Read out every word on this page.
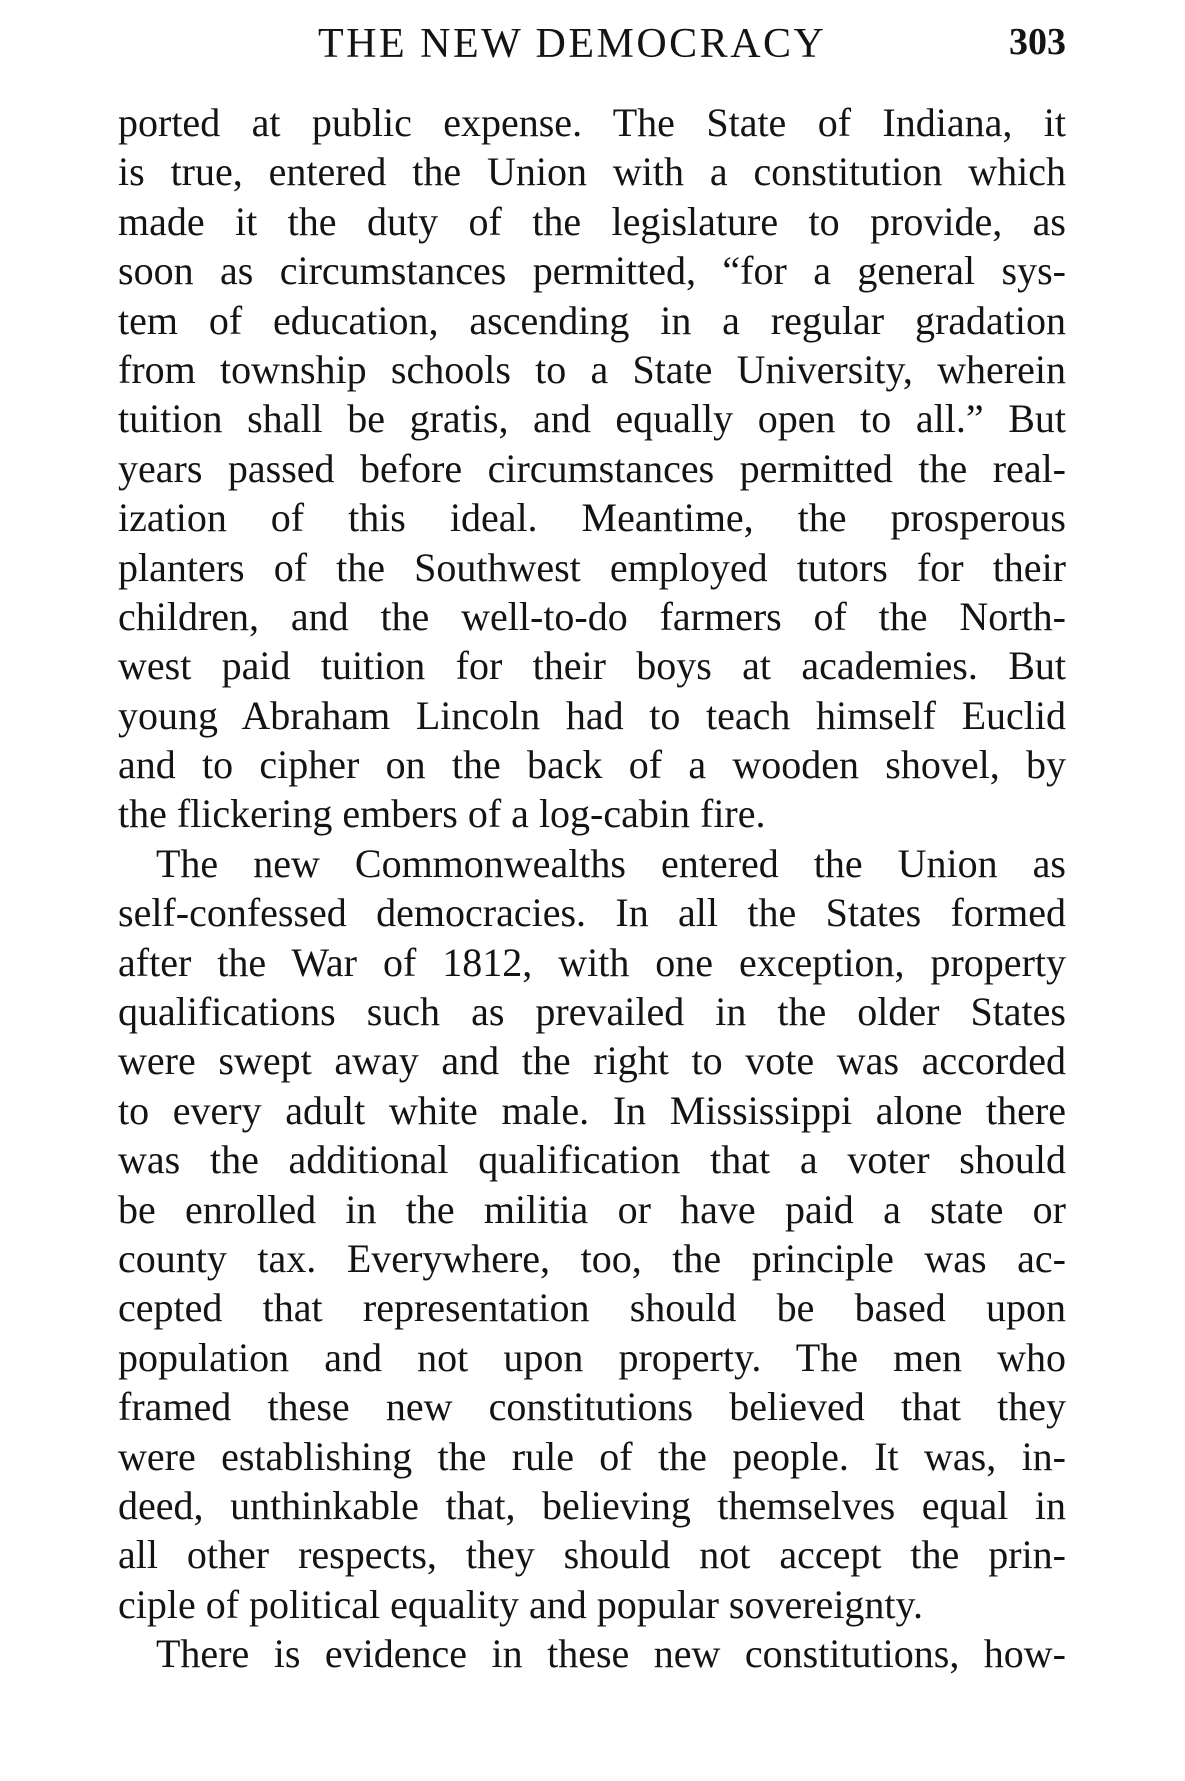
THE NEW DEMOCRACY	303
ported at public expense. The State of Indiana, it
is true, entered the Union with a constitution which
made it the duty of the legislature to provide, as
soon as circumstances permitted, “for a general sys-
tem of education, ascending in a regular gradation
from township schools to a State University, wherein
tuition shall be gratis, and equally open to all.” But
years passed before circumstances permitted the real-
ization of this ideal. Meantime, the prosperous
planters of the Southwest employed tutors for their
children, and the well-to-do farmers of the North-
west paid tuition for their boys at academies. But
young Abraham Lincoln had to teach himself Euclid
and to cipher on the back of a wooden shovel, by
the flickering embers of a log-cabin fire.
The new Commonwealths entered the Union as
self-confessed democracies. In all the States formed
after the War of 1812, with one exception, property
qualifications such as prevailed in the older States
were swept away and the right to vote was accorded
to every adult white male. In Mississippi alone there
was the additional qualification that a voter should
be enrolled in the militia or have paid a state or
county tax. Everywhere, too, the principle was ac-
cepted that representation should be based upon
population and not upon property. The men who
framed these new constitutions believed that they
were establishing the rule of the people. It was, in-
deed, unthinkable that, believing themselves equal in
all other respects, they should not accept the prin-
ciple of political equality and popular sovereignty.
There is evidence in these new constitutions, how-
